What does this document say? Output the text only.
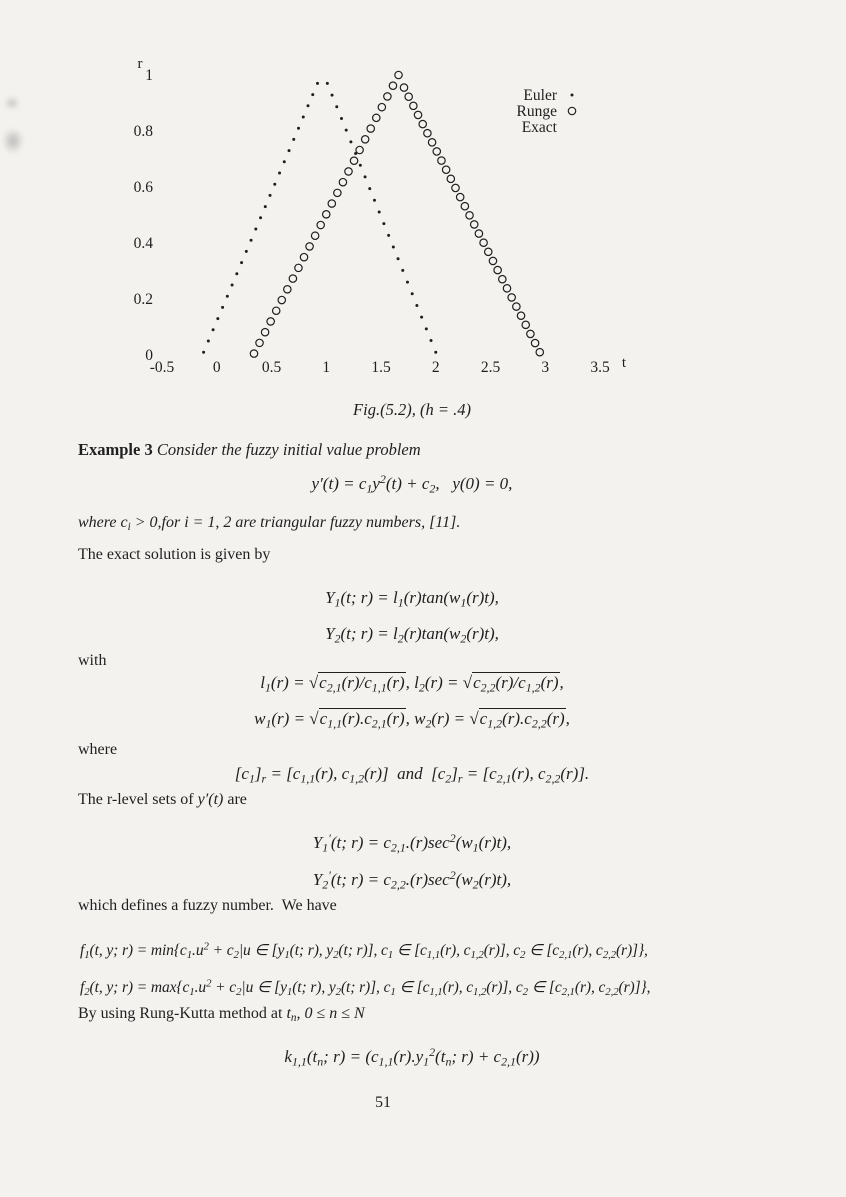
0
0.2
0.4
0.6
0.8
1
-0.5 0	0.5	1	1.5	2	2.5	3	3.5
r
t
Euler
Runge
Exact
Fig.(5.2), (h = .4)
Example 3 Consider the fuzzy initial value problem
$y'(t) = c_1y^2(t) + c_2$,   y(0) = 0,
where $c_i > 0,for$ i = 1, 2 are triangular fuzzy numbers, [11].
The exact solution is given by
$Y_1(t$; $r) = l_1(r)\tan(w_1(r)t)$,
$Y_2(t$; $r) = l_2(r)\tan(w_2(r)t)$,
with
$l_1(r) = √c_{2,1}(r)/c_{1,1}(r)$, $l_2(r) = √c_{2,2}(r)/c_{1,2}(r)$,
$w_1(r) = √c_{1,1}(r).c_{2,1}(r)$, $w_2(r) = √c_{1,2}(r).c_{2,2}(r)$,
where
$[c_1]_r = [c_{1,1}(r)$, $c_{1,2}(r)$]  and  $[c_2]_r = [c_{2,1}(r)$, $c_{2,2}(r)$].
The r-level sets of y′(t) are
$Y_1'(t$; $r) = c_{2,1}.(r)\sec^2(w_1(r)t)$,
$Y_2'(t$; $r) = c_{2,2}.(r)\sec^2(w_2(r)t)$,
which defines a fuzzy number.  We have
$f_1(t$, y; $r) = \min\{c_1.u^2 + c_2|u$ ∈ [$y_1(t$; r), $y_2(t$; r)], $c_1$ ∈ [$c_{1,1}(r)$, $c_{1,2}(r)$], $c_2$ ∈ [$c_{2,1}(r)$, $c_{2,2}(r)$]},
$f_2(t$, y; $r) = \max\{c_1.u^2 + c_2|u$ ∈ [$y_1(t$; r), $y_2(t$; r)], $c_1$ ∈ [$c_{1,1}(r)$, $c_{1,2}(r)$], $c_2$ ∈ [$c_{2,1}(r)$, $c_{2,2}(r)$]},
By using Rung-Kutta method at $t_n$, 0 ≤ n ≤ N
$k_{1,1}(t_n$; $r) = (c_{1,1}(r).y_1^2(t_n$; $r) + c_{2,1}(r)$)
51
